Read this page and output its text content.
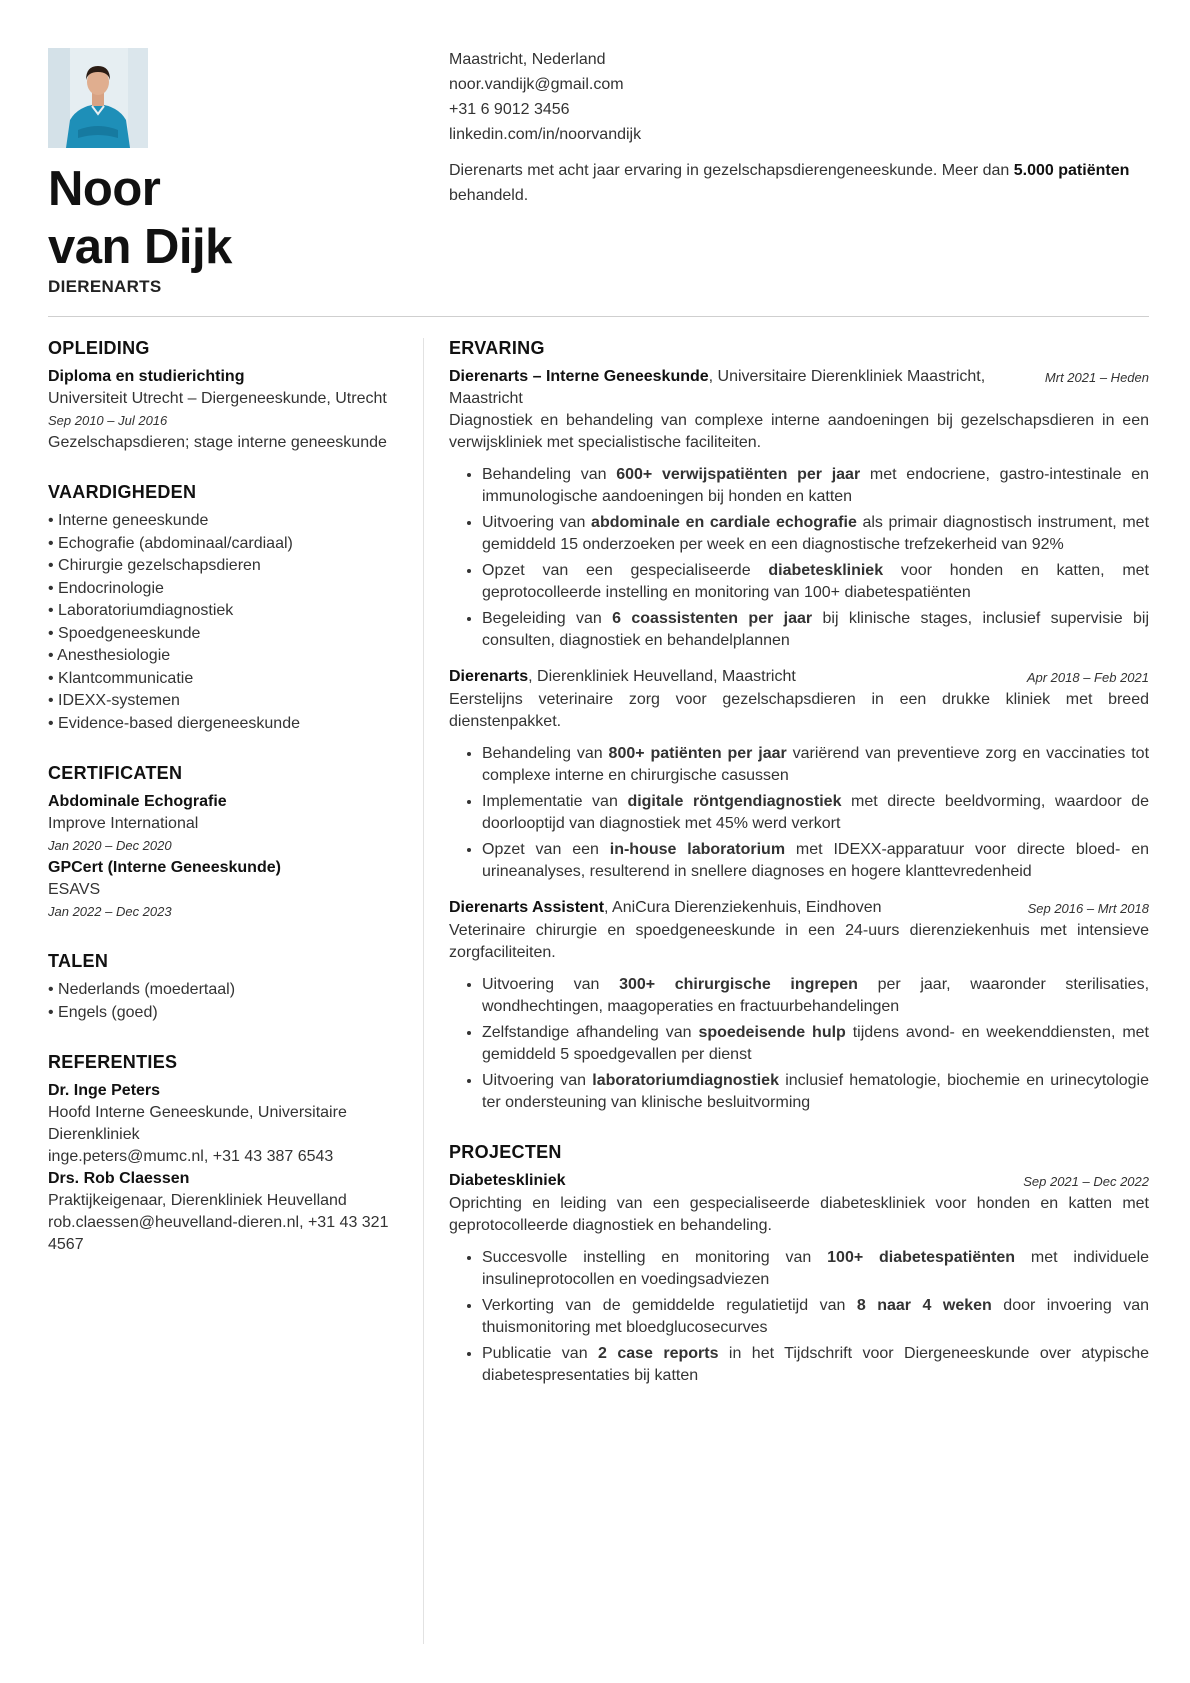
Noor
van Dijk
DIERENARTS
Maastricht, Nederland
noor.vandijk@gmail.com
+31 6 9012 3456
linkedin.com/in/noorvandijk
Dierenarts met acht jaar ervaring in gezelschapsdierengeneeskunde. Meer dan 5.000 patiënten behandeld.
OPLEIDING
Diploma en studierichting
Universiteit Utrecht – Diergeneeskunde, Utrecht
Sep 2010 – Jul 2016
Gezelschapsdieren; stage interne geneeskunde
VAARDIGHEDEN
• Interne geneeskunde
• Echografie (abdominaal/cardiaal)
• Chirurgie gezelschapsdieren
• Endocrinologie
• Laboratoriumdiagnostiek
• Spoedgeneeskunde
• Anesthesiologie
• Klantcommunicatie
• IDEXX-systemen
• Evidence-based diergeneeskunde
CERTIFICATEN
Abdominale Echografie
Improve International
Jan 2020 – Dec 2020
GPCert (Interne Geneeskunde)
ESAVS
Jan 2022 – Dec 2023
TALEN
• Nederlands (moedertaal)
• Engels (goed)
REFERENTIES
Dr. Inge Peters
Hoofd Interne Geneeskunde, Universitaire Dierenkliniek
inge.peters@mumc.nl, +31 43 387 6543
Drs. Rob Claessen
Praktijkeigenaar, Dierenkliniek Heuvelland
rob.claessen@heuvelland-dieren.nl, +31 43 321 4567
ERVARING
Dierenarts – Interne Geneeskunde, Universitaire Dierenkliniek Maastricht, Maastricht
Mrt 2021 – Heden
Diagnostiek en behandeling van complexe interne aandoeningen bij gezelschapsdieren in een verwijskliniek met specialistische faciliteiten.
• Behandeling van 600+ verwijspatiënten per jaar met endocriene, gastro-intestinale en immunologische aandoeningen bij honden en katten
• Uitvoering van abdominale en cardiale echografie als primair diagnostisch instrument, met gemiddeld 15 onderzoeken per week en een diagnostische trefzekerheid van 92%
• Opzet van een gespecialiseerde diabeteskliniek voor honden en katten, met geprotocolleerde instelling en monitoring van 100+ diabetespatiënten
• Begeleiding van 6 coassistenten per jaar bij klinische stages, inclusief supervisie bij consulten, diagnostiek en behandelplannen
Dierenarts, Dierenkliniek Heuvelland, Maastricht	Apr 2018 – Feb 2021
Eerstelijns veterinaire zorg voor gezelschapsdieren in een drukke kliniek met breed dienstenpakket.
• Behandeling van 800+ patiënten per jaar variërend van preventieve zorg en vaccinaties tot complexe interne en chirurgische casussen
• Implementatie van digitale röntgendiagnostiek met directe beeldvorming, waardoor de doorlooptijd van diagnostiek met 45% werd verkort
• Opzet van een in-house laboratorium met IDEXX-apparatuur voor directe bloed- en urineanalyses, resulterend in snellere diagnoses en hogere klanttevredenheid
Dierenarts Assistent, AniCura Dierenziekenhuis, Eindhoven	Sep 2016 – Mrt 2018
Veterinaire chirurgie en spoedgeneeskunde in een 24-uurs dierenziekenhuis met intensieve zorgfaciliteiten.
• Uitvoering van 300+ chirurgische ingrepen per jaar, waaronder sterilisaties, wondhechtingen, maagoperaties en fractuurbehandelingen
• Zelfstandige afhandeling van spoedeisende hulp tijdens avond- en weekenddiensten, met gemiddeld 5 spoedgevallen per dienst
• Uitvoering van laboratoriumdiagnostiek inclusief hematologie, biochemie en urinecytologie ter ondersteuning van klinische besluitvorming
PROJECTEN
Diabeteskliniek	Sep 2021 – Dec 2022
Oprichting en leiding van een gespecialiseerde diabeteskliniek voor honden en katten met geprotocolleerde diagnostiek en behandeling.
• Succesvolle instelling en monitoring van 100+ diabetespatiënten met individuele insulineprotocollen en voedingsadviezen
• Verkorting van de gemiddelde regulatietijd van 8 naar 4 weken door invoering van thuismonitoring met bloedglucosecurves
• Publicatie van 2 case reports in het Tijdschrift voor Diergeneeskunde over atypische diabetespresentaties bij katten
